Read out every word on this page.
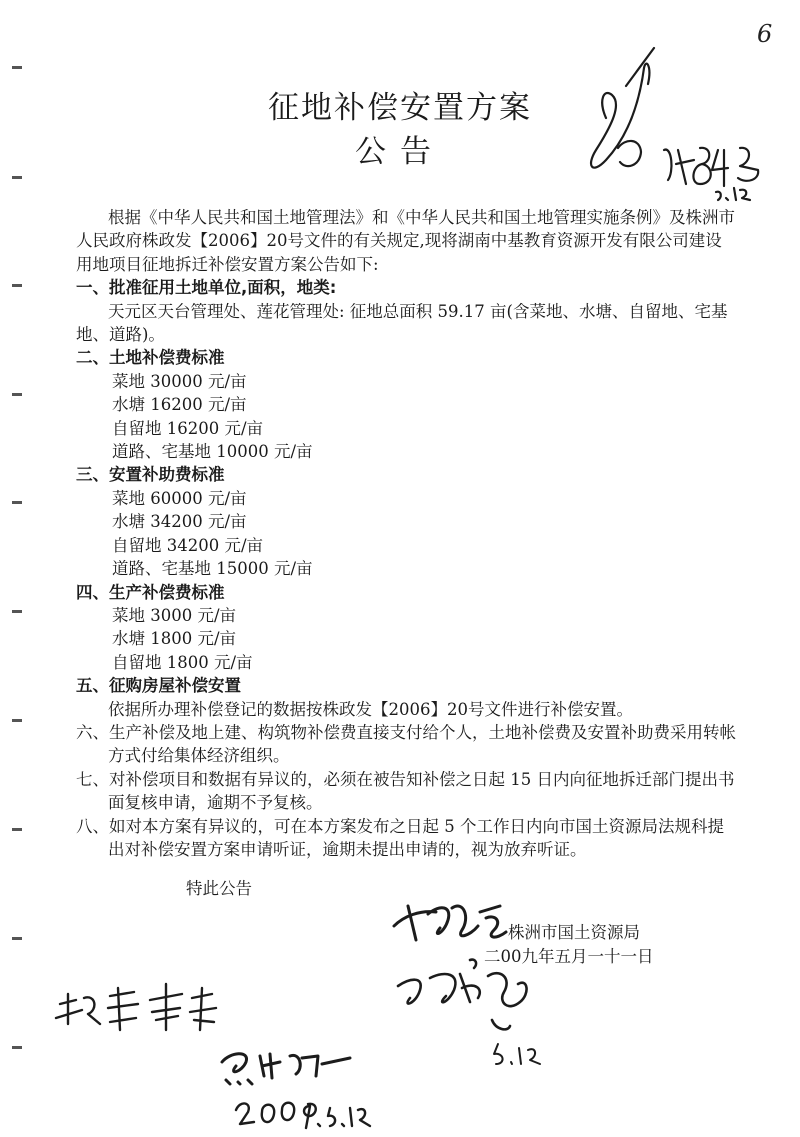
6
征地补偿安置方案
公告

根据《中华人民共和国土地管理法》和《中华人民共和国土地管理实施条例》及株洲市人民政府株政发【2006】20号文件的有关规定,现将湖南中基教育资源开发有限公司建设用地项目征地拆迁补偿安置方案公告如下:

一、批准征用土地单位,面积，地类:

天元区天台管理处、莲花管理处: 征地总面积 59.17 亩(含菜地、水塘、自留地、宅基地、道路)。

二、土地补偿费标准

菜地 30000 元/亩

水塘 16200 元/亩

自留地 16200 元/亩

道路、宅基地 10000 元/亩

三、安置补助费标准

菜地 60000 元/亩

水塘 34200 元/亩

自留地 34200 元/亩

道路、宅基地 15000 元/亩

四、生产补偿费标准

菜地 3000 元/亩

水塘 1800 元/亩

自留地 1800 元/亩

五、征购房屋补偿安置

依据所办理补偿登记的数据按株政发【2006】20号文件进行补偿安置。

六、生产补偿及地上建、构筑物补偿费直接支付给个人，土地补偿费及安置补助费采用转帐方式付给集体经济组织。

七、对补偿项目和数据有异议的，必须在被告知补偿之日起 15 日内向征地拆迁部门提出书面复核申请，逾期不予复核。

八、如对本方案有异议的，可在本方案发布之日起 5 个工作日内向市国土资源局法规科提出对补偿安置方案申请听证，逾期未提出申请的，视为放弃听证。

特此公告
株洲市国土资源局
二00九年五月一十一日
